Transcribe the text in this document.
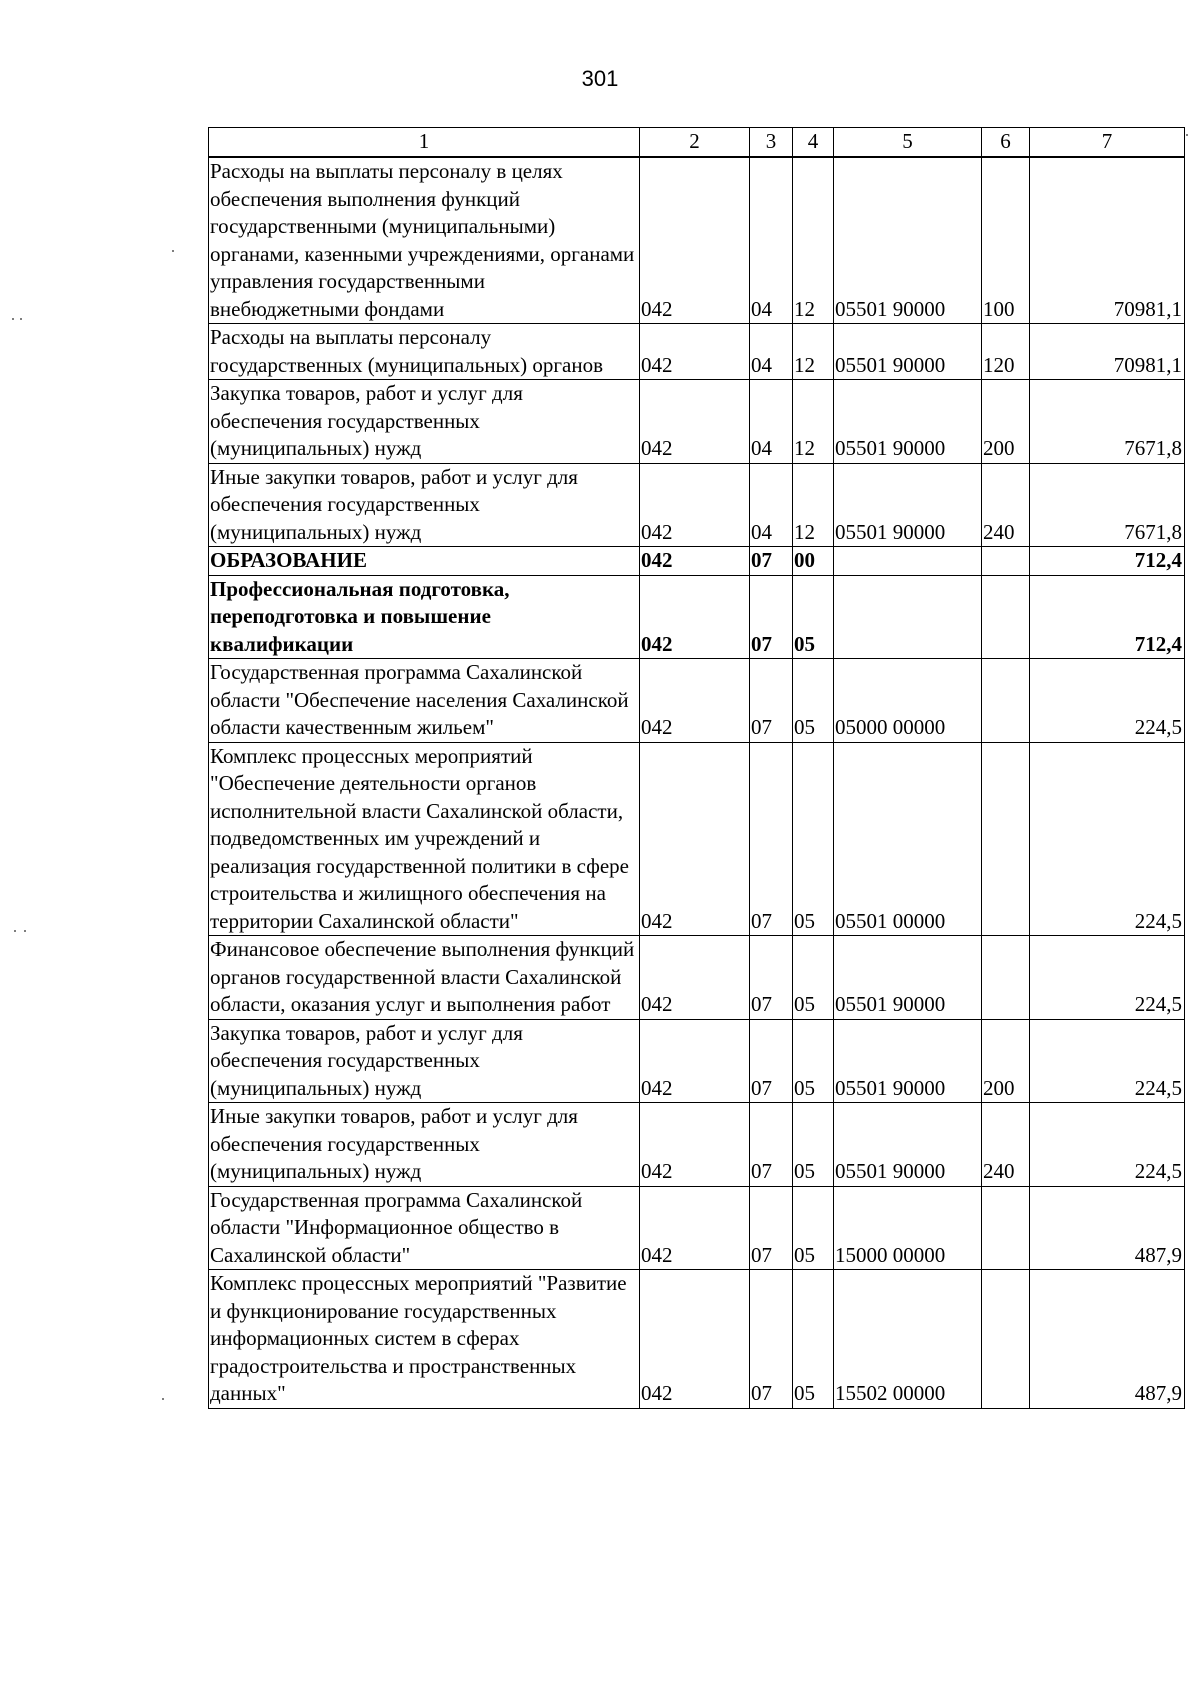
301
1	2	3	4	5	6	7
Расходы на выплаты персоналу в целях обеспечения выполнения функций государственными (муниципальными) органами, казенными учреждениями, органами управления государственными внебюджетными фондами	042	04	12	05501 90000	100	70981,1
Расходы на выплаты персоналу государственных (муниципальных) органов	042	04	12	05501 90000	120	70981,1
Закупка товаров, работ и услуг для обеспечения государственных (муниципальных) нужд	042	04	12	05501 90000	200	7671,8
Иные закупки товаров, работ и услуг для обеспечения государственных (муниципальных) нужд	042	04	12	05501 90000	240	7671,8
ОБРАЗОВАНИЕ	042	07	00			712,4
Профессиональная подготовка, переподготовка и повышение квалификации	042	07	05			712,4
Государственная программа Сахалинской области "Обеспечение населения Сахалинской области качественным жильем"	042	07	05	05000 00000		224,5
Комплекс процессных мероприятий "Обеспечение деятельности органов исполнительной власти Сахалинской области, подведомственных им учреждений и реализация государственной политики в сфере строительства и жилищного обеспечения на территории Сахалинской области"	042	07	05	05501 00000		224,5
Финансовое обеспечение выполнения функций органов государственной власти Сахалинской области, оказания услуг и выполнения работ	042	07	05	05501 90000		224,5
Закупка товаров, работ и услуг для обеспечения государственных (муниципальных) нужд	042	07	05	05501 90000	200	224,5
Иные закупки товаров, работ и услуг для обеспечения государственных (муниципальных) нужд	042	07	05	05501 90000	240	224,5
Государственная программа Сахалинской области "Информационное общество в Сахалинской области"	042	07	05	15000 00000		487,9
Комплекс процессных мероприятий "Развитие и функционирование государственных информационных систем в сферах градостроительства и пространственных данных"	042	07	05	15502 00000		487,9
